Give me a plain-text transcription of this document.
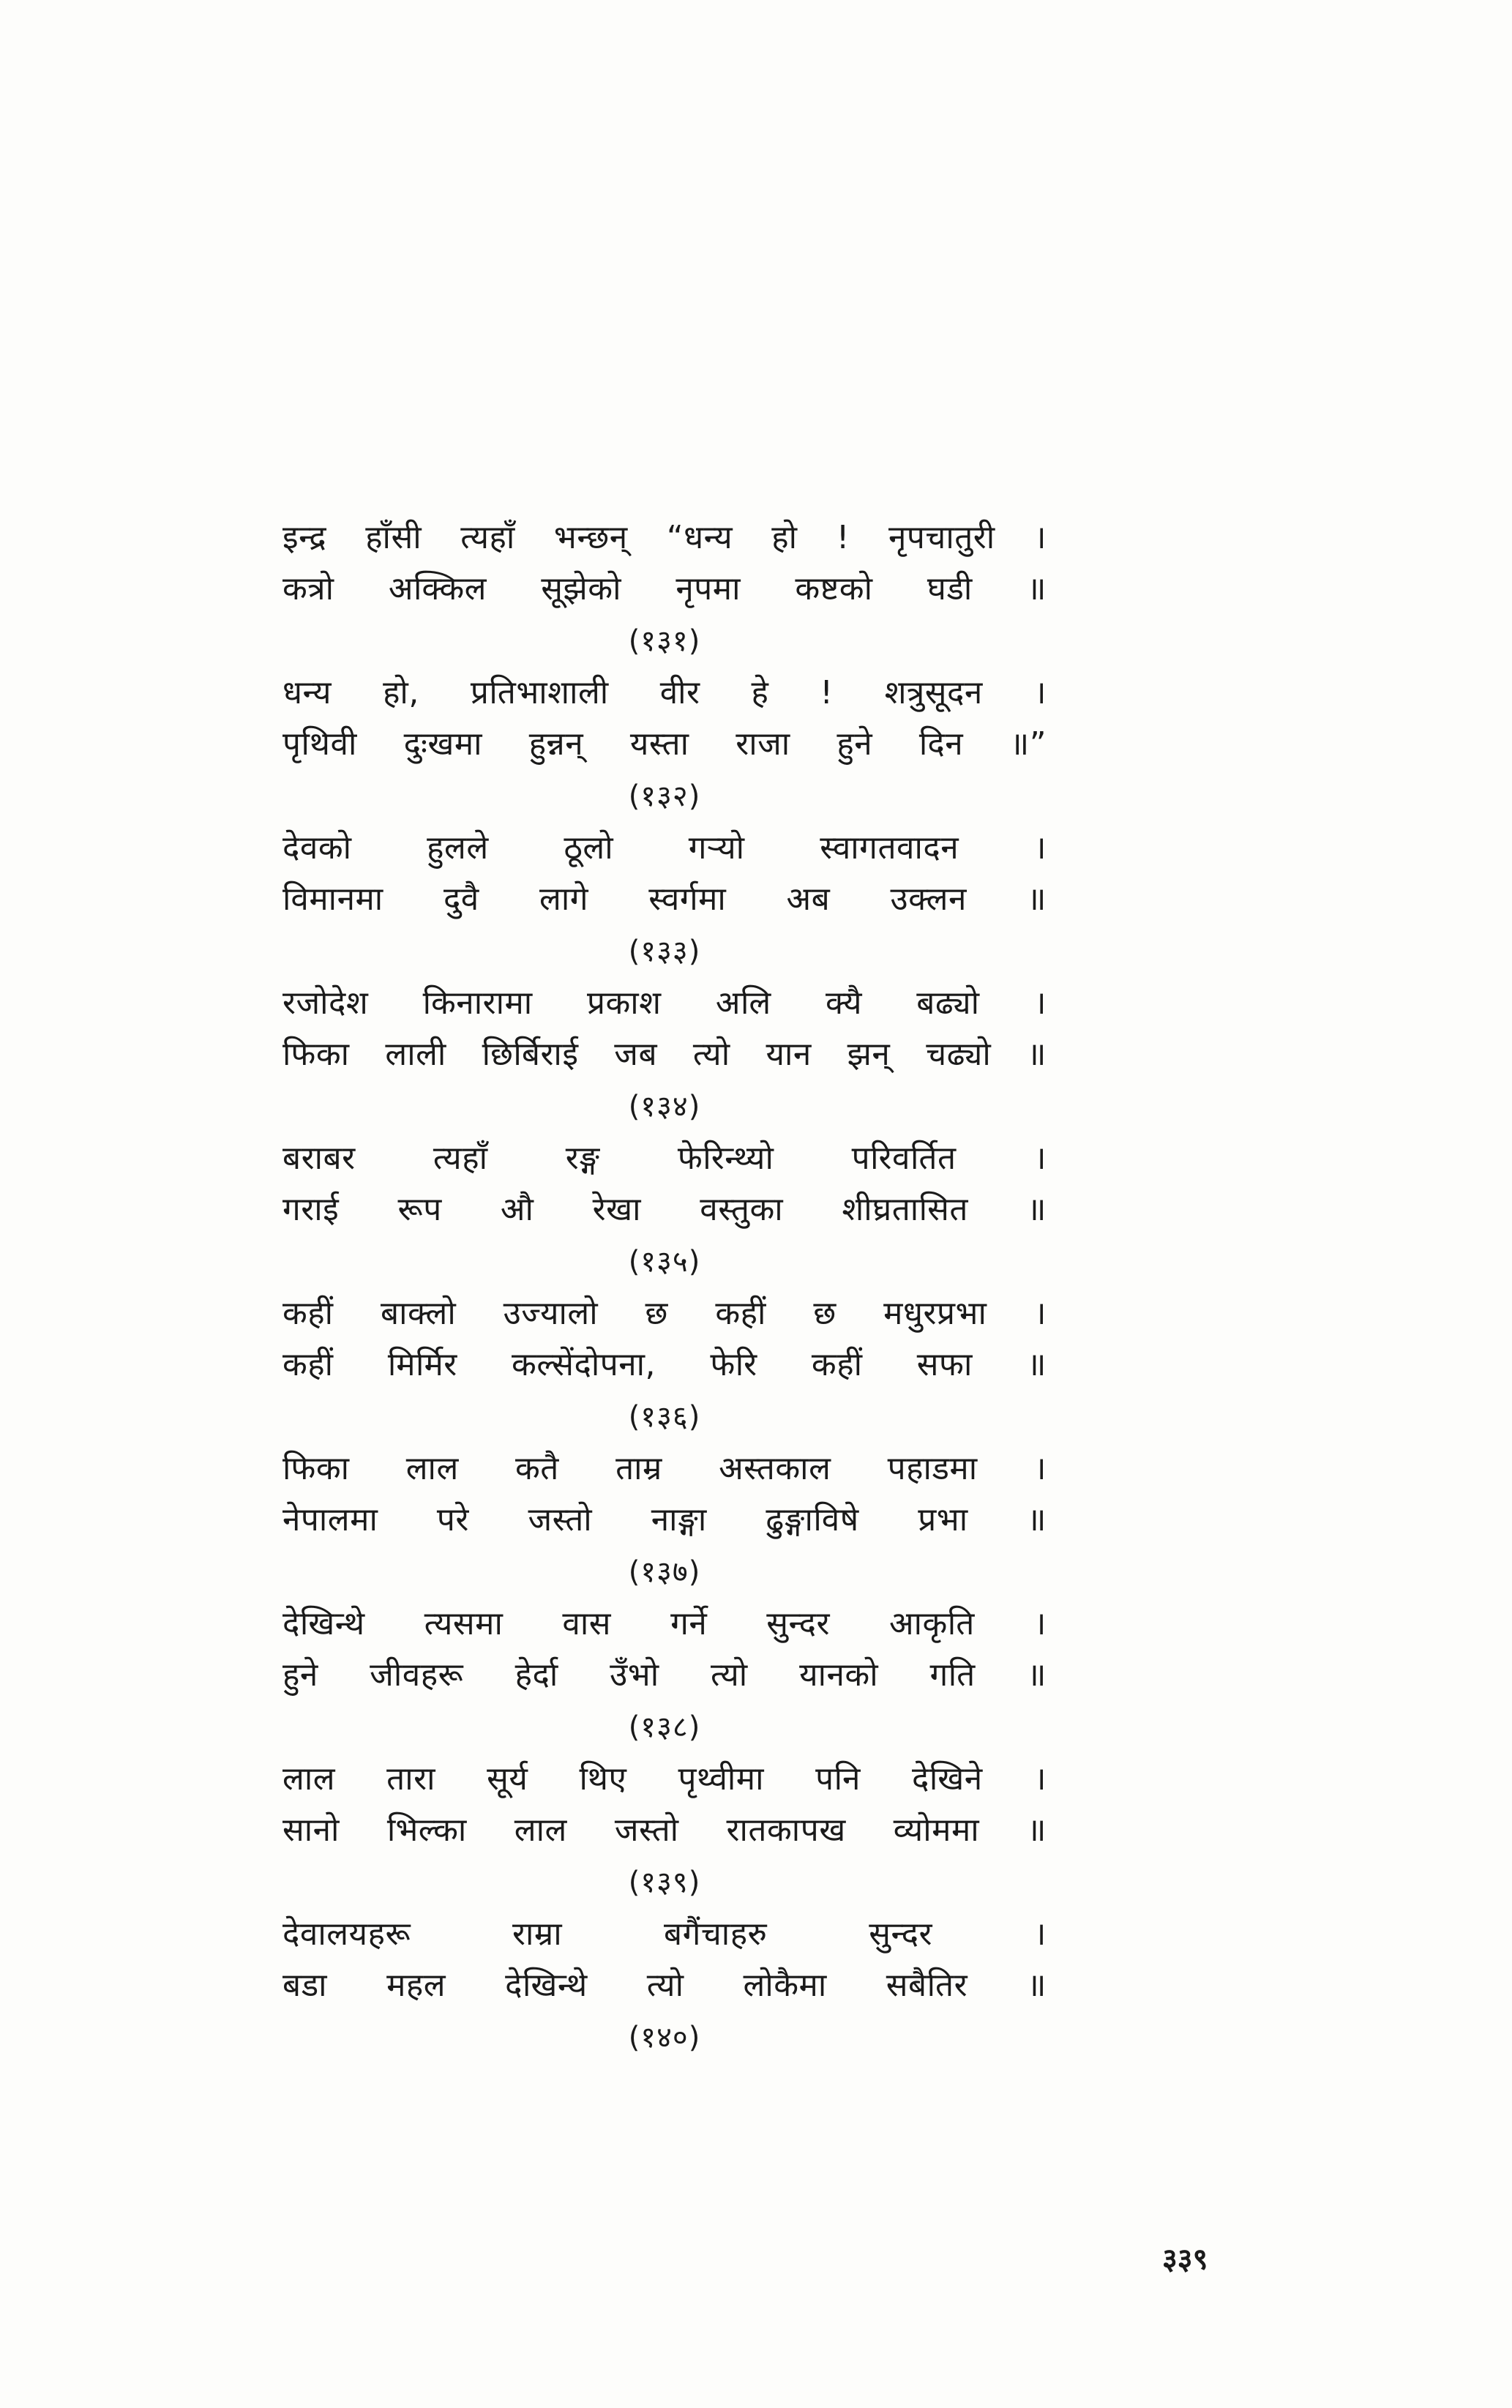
इन्द्र हाँसी त्यहाँ भन्छन् “धन्य हो ! नृपचातुरी ।
कत्रो अक्किल सूझेको नृपमा कष्टको घडी ॥
(१३१)
धन्य हो, प्रतिभाशाली वीर हे ! शत्रुसूदन ।
पृथिवी दुःखमा हुन्नन् यस्ता राजा हुने दिन ॥”
(१३२)
देवको हुलले ठूलो गऱ्यो स्वागतवादन ।
विमानमा दुवै लागे स्वर्गमा अब उक्लन ॥
(१३३)
रजोदेश किनारामा प्रकाश अलि क्यै बढ्यो ।
फिका लाली छिर्बिराई जब त्यो यान झन् चढ्यो ॥
(१३४)
बराबर त्यहाँ रङ्ग फेरिन्थ्यो परिवर्तित ।
गराई रूप औ रेखा वस्तुका शीघ्रतासित ॥
(१३५)
कहीं बाक्लो उज्यालो छ कहीं छ मधुरप्रभा ।
कहीं मिर्मिर कल्सेंदोपना, फेरि कहीं सफा ॥
(१३६)
फिका लाल कतै ताम्र अस्तकाल पहाडमा ।
नेपालमा परे जस्तो नाङ्गा ढुङ्गाविषे प्रभा ॥
(१३७)
देखिन्थे त्यसमा वास गर्ने सुन्दर आकृति ।
हुने जीवहरू हेर्दा उँभो त्यो यानको गति ॥
(१३८)
लाल तारा सूर्य थिए पृथ्वीमा पनि देखिने ।
सानो भिल्का लाल जस्तो रातकापख व्योममा ॥
(१३९)
देवालयहरू राम्रा बगैंचाहरु सुन्दर ।
बडा महल देखिन्थे त्यो लोकैमा सबैतिर ॥
(१४०)
३३९
